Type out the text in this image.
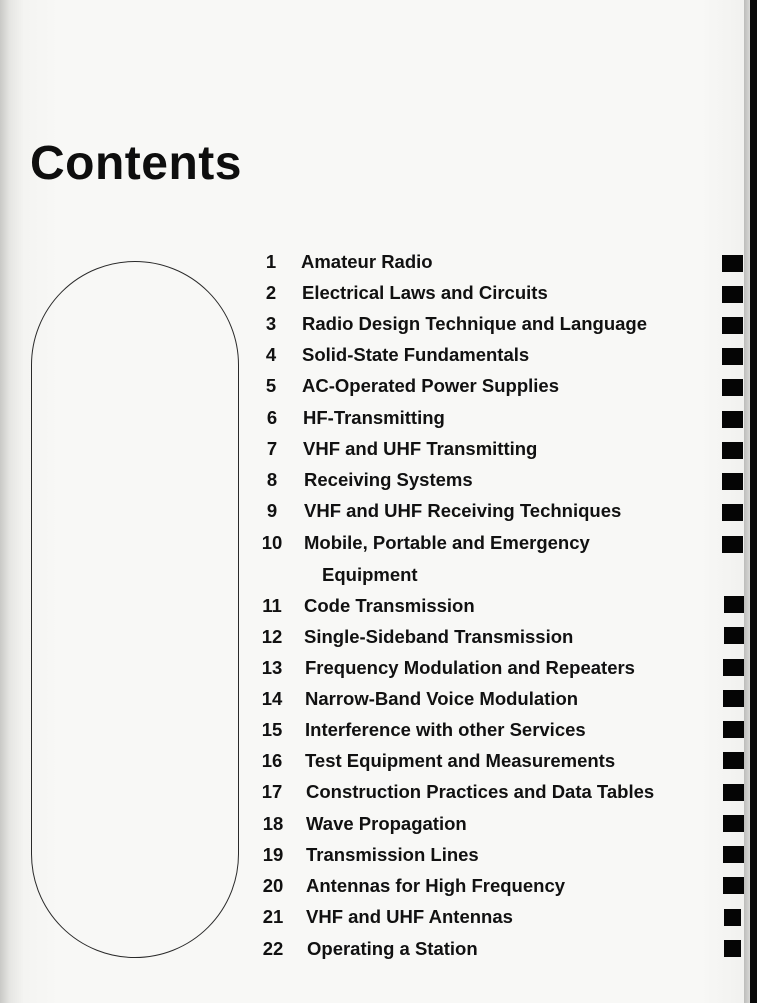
Contents
1	Amateur Radio
2	Electrical Laws and Circuits
3	Radio Design Technique and Language
4	Solid-State Fundamentals
5	AC-Operated Power Supplies
6	HF-Transmitting
7	VHF and UHF Transmitting
8	Receiving Systems
9	VHF and UHF Receiving Techniques
10 Mobile, Portable and Emergency
Equipment
11 Code Transmission
12 Single-Sideband Transmission
13 Frequency Modulation and Repeaters
14 Narrow-Band Voice Modulation
15 Interference with other Services
16 Test Equipment and Measurements
17 Construction Practices and Data Tables
18 Wave Propagation
19 Transmission Lines
20 Antennas for High Frequency
21 VHF and UHF Antennas
22 Operating a Station
